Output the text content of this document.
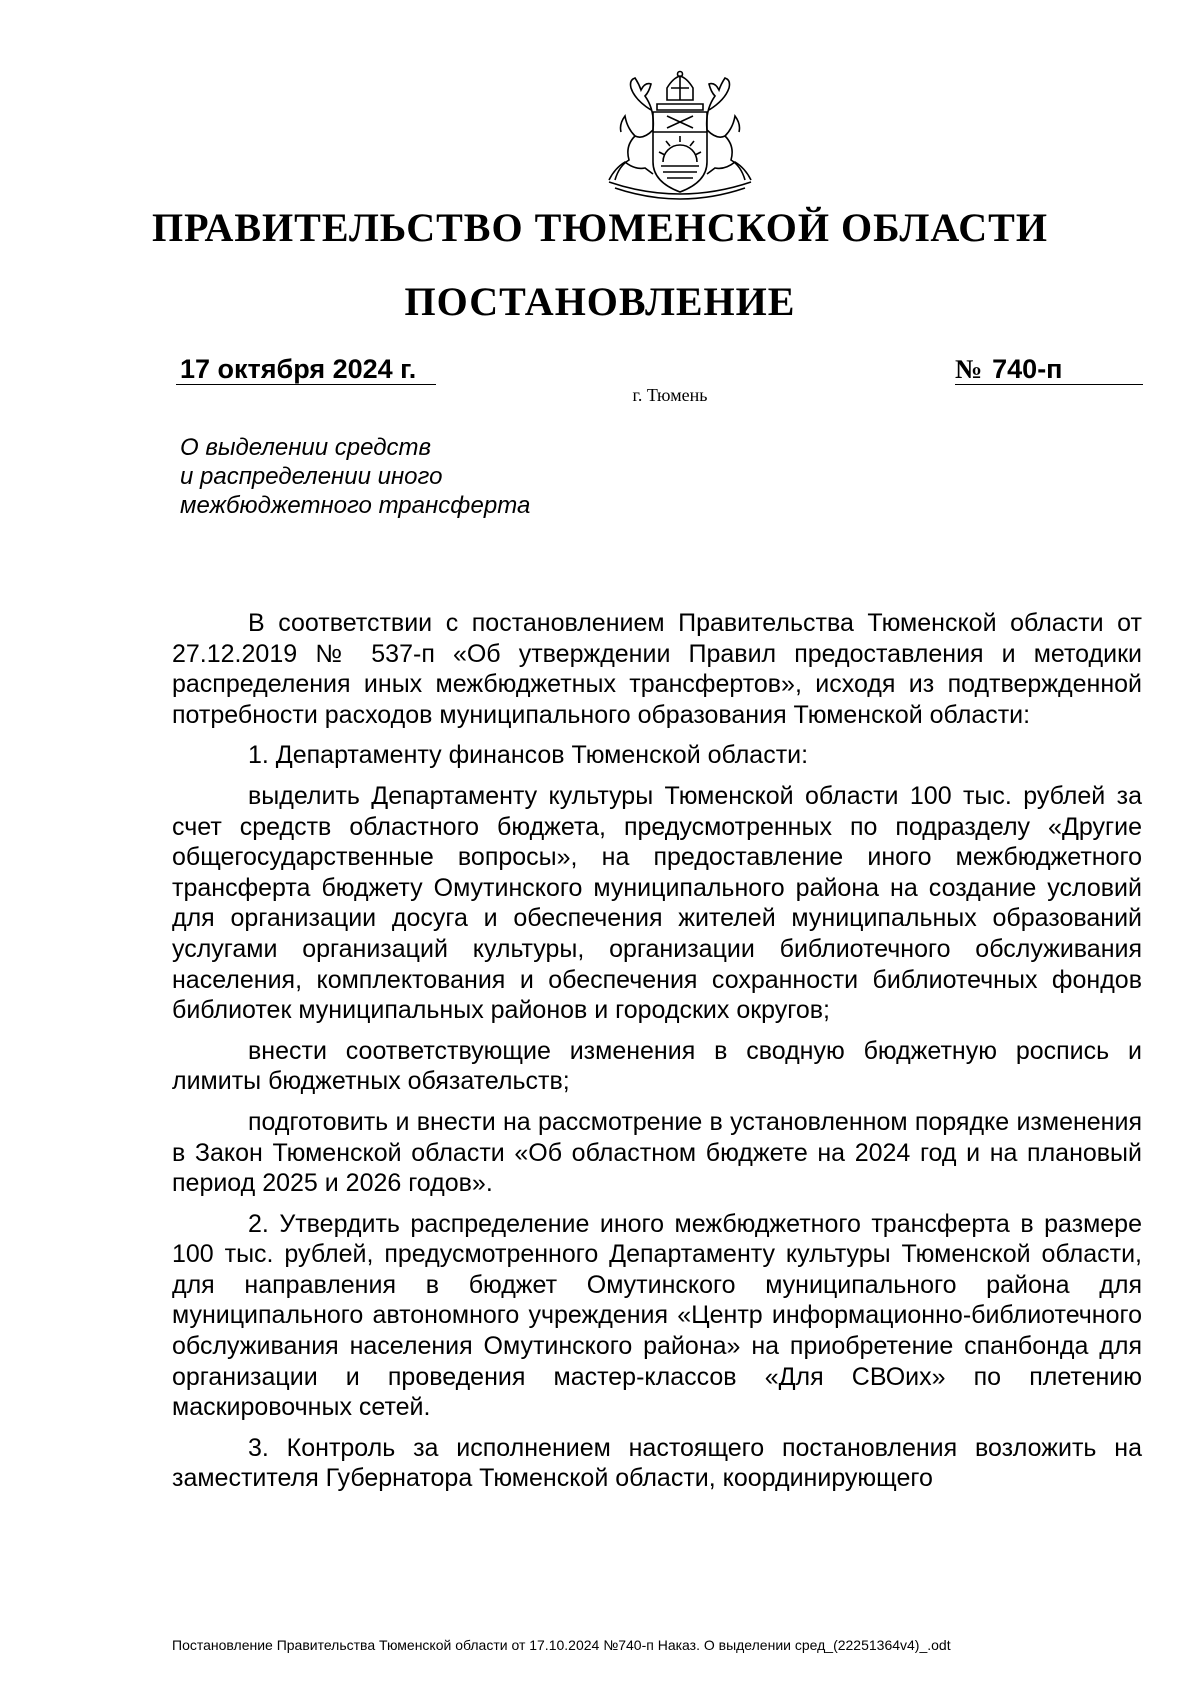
ПРАВИТЕЛЬСТВО ТЮМЕНСКОЙ ОБЛАСТИ
ПОСТАНОВЛЕНИЕ
17 октября 2024 г.	№ 740-п
г. Тюмень
О выделении средств
и распределении иного
межбюджетного трансферта

В соответствии с постановлением Правительства Тюменской области от 27.12.2019 № 537-п «Об утверждении Правил предоставления и методики распределения иных межбюджетных трансфертов», исходя из подтвержденной потребности расходов муниципального образования Тюменской области:

1. Департаменту финансов Тюменской области:

выделить Департаменту культуры Тюменской области 100 тыс. рублей за счет средств областного бюджета, предусмотренных по подразделу «Другие общегосударственные вопросы», на предоставление иного межбюджетного трансферта бюджету Омутинского муниципального района на создание условий для организации досуга и обеспечения жителей муниципальных образований услугами организаций культуры, организации библиотечного обслуживания населения, комплектования и обеспечения сохранности библиотечных фондов библиотек муниципальных районов и городских округов;

внести соответствующие изменения в сводную бюджетную роспись и лимиты бюджетных обязательств;

подготовить и внести на рассмотрение в установленном порядке изменения в Закон Тюменской области «Об областном бюджете на 2024 год и на плановый период 2025 и 2026 годов».

2. Утвердить распределение иного межбюджетного трансферта в размере 100 тыс. рублей, предусмотренного Департаменту культуры Тюменской области, для направления в бюджет Омутинского муниципального района для муниципального автономного учреждения «Центр информационно-библиотечного обслуживания населения Омутинского района» на приобретение спанбонда для организации и проведения мастер-классов «Для СВОих» по плетению маскировочных сетей.

3. Контроль за исполнением настоящего постановления возложить на заместителя Губернатора Тюменской области, координирующего

Постановление Правительства Тюменской области от 17.10.2024 №740-п Наказ. О выделении сред_(22251364v4)_.odt
